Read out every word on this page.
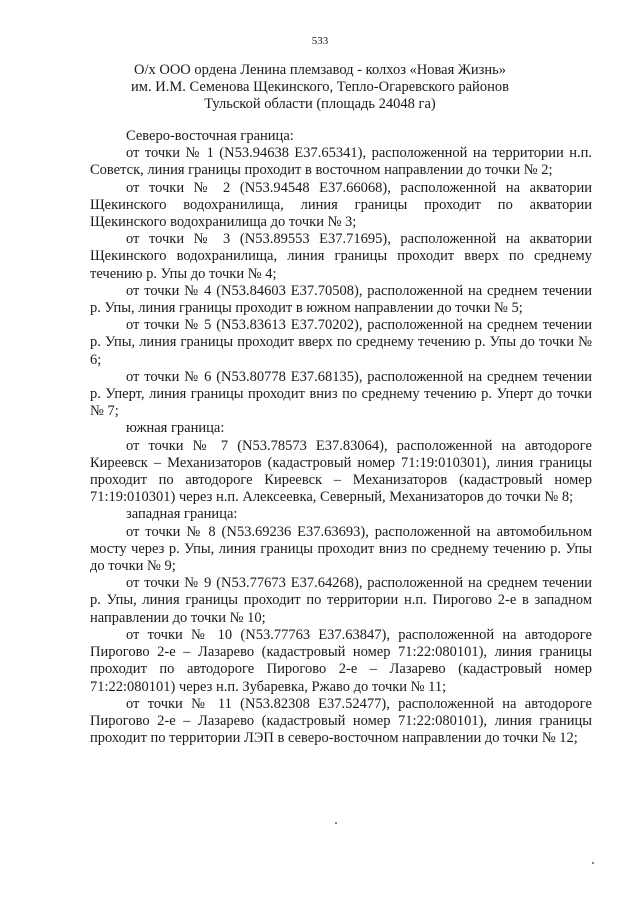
533
О/х ООО ордена Ленина племзавод - колхоз «Новая Жизнь»
им. И.М. Семенова Щекинского, Тепло-Огаревского районов
Тульской области (площадь 24048 га)

Северо-восточная граница:

от точки № 1 (N53.94638 E37.65341), расположенной на территории н.п. Советск, линия границы проходит в восточном направлении до точки № 2;

от точки № 2 (N53.94548 E37.66068), расположенной на акватории Щекинского водохранилища, линия границы проходит по акватории Щекинского водохранилища до точки № 3;

от точки № 3 (N53.89553 E37.71695), расположенной на акватории Щекинского водохранилища, линия границы проходит вверх по среднему течению р. Упы до точки № 4;

от точки № 4 (N53.84603 E37.70508), расположенной на среднем течении р. Упы, линия границы проходит в южном направлении до точки № 5;

от точки № 5 (N53.83613 E37.70202), расположенной на среднем течении р. Упы, линия границы проходит вверх по среднему течению р. Упы до точки № 6;

от точки № 6 (N53.80778 E37.68135), расположенной на среднем течении р. Уперт, линия границы проходит вниз по среднему течению р. Уперт до точки № 7;

южная граница:

от точки № 7 (N53.78573 E37.83064), расположенной на автодороге Киреевск – Механизаторов (кадастровый номер 71:19:010301), линия границы проходит по автодороге Киреевск – Механизаторов (кадастровый номер 71:19:010301) через н.п. Алексеевка, Северный, Механизаторов до точки № 8;

западная граница:

от точки № 8 (N53.69236 E37.63693), расположенной на автомобильном мосту через р. Упы, линия границы проходит вниз по среднему течению р. Упы до точки № 9;

от точки № 9 (N53.77673 E37.64268), расположенной на среднем течении р. Упы, линия границы проходит по территории н.п. Пирогово 2-е в западном направлении до точки № 10;

от точки № 10 (N53.77763 E37.63847), расположенной на автодороге Пирогово 2-е – Лазарево (кадастровый номер 71:22:080101), линия границы проходит по автодороге Пирогово 2-е – Лазарево (кадастровый номер 71:22:080101) через н.п. Зубаревка, Ржаво до точки № 11;

от точки № 11 (N53.82308 E37.52477), расположенной на автодороге Пирогово 2-е – Лазарево (кадастровый номер 71:22:080101), линия границы проходит по территории ЛЭП в северо-восточном направлении до точки № 12;
